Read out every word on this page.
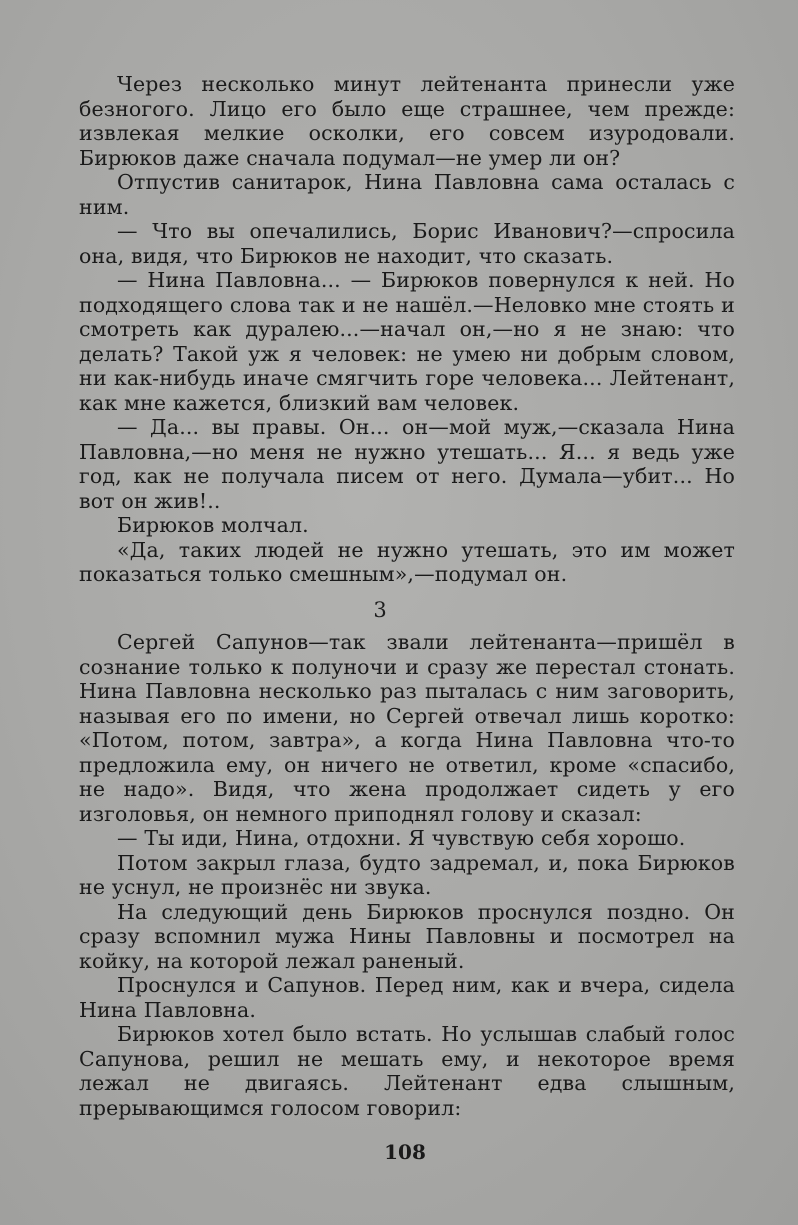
Через несколько минут лейтенанта принесли уже безногого. Лицо его было еще страшнее, чем прежде: извлекая мелкие осколки, его совсем изуродовали. Бирюков даже сначала подумал—не умер ли он?

Отпустив санитарок, Нина Павловна сама осталась с ним.

— Что вы опечалились, Борис Иванович?—спросила она, видя, что Бирюков не находит, что сказать.

— Нина Павловна... — Бирюков повернулся к ней. Но подходящего слова так и не нашёл.—Неловко мне стоять и смотреть как дуралею...—начал он,—но я не знаю: что делать? Такой уж я человек: не умею ни добрым словом, ни как-нибудь иначе смягчить горе человека... Лейтенант, как мне кажется, близкий вам человек.

— Да... вы правы. Он... он—мой муж,—сказала Нина Павловна,—но меня не нужно утешать... Я... я ведь уже год, как не получала писем от него. Думала—убит... Но вот он жив!..

Бирюков молчал.

«Да, таких людей не нужно утешать, это им может показаться только смешным»,—подумал он.

3

Сергей Сапунов—так звали лейтенанта—пришёл в сознание только к полуночи и сразу же перестал стонать. Нина Павловна несколько раз пыталась с ним заговорить, называя его по имени, но Сергей отвечал лишь коротко: «Потом, потом, завтра», а когда Нина Павловна что-то предложила ему, он ничего не ответил, кроме «спасибо, не надо». Видя, что жена продолжает сидеть у его изголовья, он немного приподнял голову и сказал:

— Ты иди, Нина, отдохни. Я чувствую себя хорошо.

Потом закрыл глаза, будто задремал, и, пока Бирюков не уснул, не произнёс ни звука.

На следующий день Бирюков проснулся поздно. Он сразу вспомнил мужа Нины Павловны и посмотрел на койку, на которой лежал раненый.

Проснулся и Сапунов. Перед ним, как и вчера, сидела Нина Павловна.

Бирюков хотел было встать. Но услышав слабый голос Сапунова, решил не мешать ему, и некоторое время лежал не двигаясь. Лейтенант едва слышным, прерывающимся голосом говорил:

108
